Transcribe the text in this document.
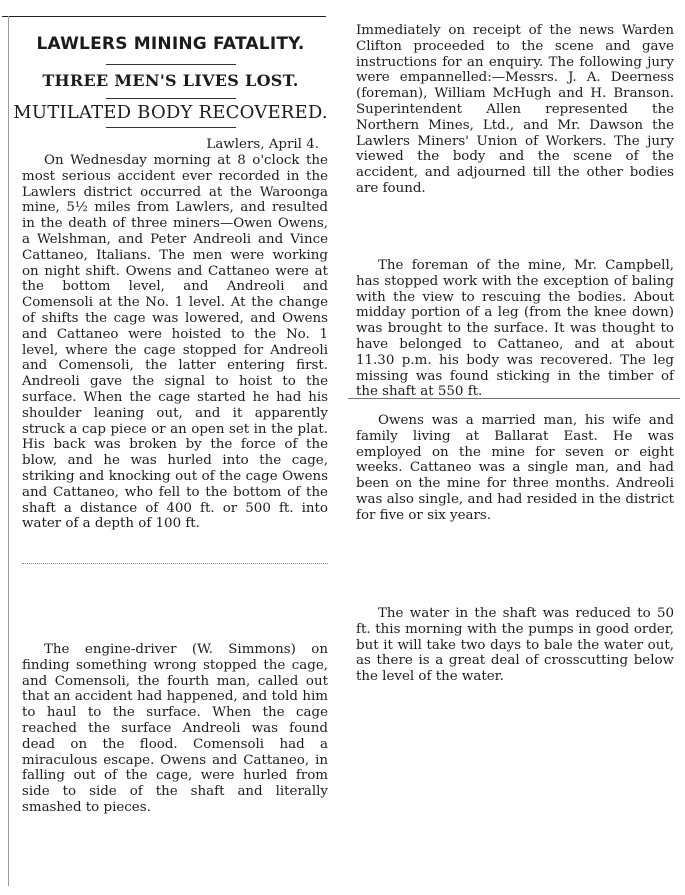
LAWLERS MINING FATALITY.
THREE MEN'S LIVES LOST.
MUTILATED BODY RECOVERED.

Lawlers, April 4.

On Wednesday morning at 8 o'clock the most serious accident ever recorded in the Lawlers district occurred at the Waroonga mine, 5½ miles from Lawlers, and resulted in the death of three miners—Owen Owens, a Welshman, and Peter Andreoli and Vince Cattaneo, Italians. The men were working on night shift. Owens and Cattaneo were at the bottom level, and Andreoli and Comensoli at the No. 1 level. At the change of shifts the cage was lowered, and Owens and Cattaneo were hoisted to the No. 1 level, where the cage stopped for Andreoli and Comensoli, the latter entering first. Andreoli gave the signal to hoist to the surface. When the cage started he had his shoulder leaning out, and it apparently struck a cap piece or an open set in the plat. His back was broken by the force of the blow, and he was hurled into the cage, striking and knocking out of the cage Owens and Cattaneo, who fell to the bottom of the shaft a distance of 400 ft. or 500 ft. into water of a depth of 100 ft.

The engine-driver (W. Simmons) on finding something wrong stopped the cage, and Comensoli, the fourth man, called out that an accident had happened, and told him to haul to the surface. When the cage reached the surface Andreoli was found dead on the flood. Comensoli had a miraculous escape. Owens and Cattaneo, in falling out of the cage, were hurled from side to side of the shaft and literally smashed to pieces.

Immediately on receipt of the news Warden Clifton proceeded to the scene and gave instructions for an enquiry. The following jury were empannelled:—Messrs. J. A. Deerness (foreman), William McHugh and H. Branson. Superintendent Allen represented the Northern Mines, Ltd., and Mr. Dawson the Lawlers Miners' Union of Workers. The jury viewed the body and the scene of the accident, and adjourned till the other bodies are found.

The foreman of the mine, Mr. Campbell, has stopped work with the exception of baling with the view to rescuing the bodies. About midday portion of a leg (from the knee down) was brought to the surface. It was thought to have belonged to Cattaneo, and at about 11.30 p.m. his body was recovered. The leg missing was found sticking in the timber of the shaft at 550 ft.

Owens was a married man, his wife and family living at Ballarat East. He was employed on the mine for seven or eight weeks. Cattaneo was a single man, and had been on the mine for three months. Andreoli was also single, and had resided in the district for five or six years.

The water in the shaft was reduced to 50 ft. this morning with the pumps in good order, but it will take two days to bale the water out, as there is a great deal of crosscutting below the level of the water.
